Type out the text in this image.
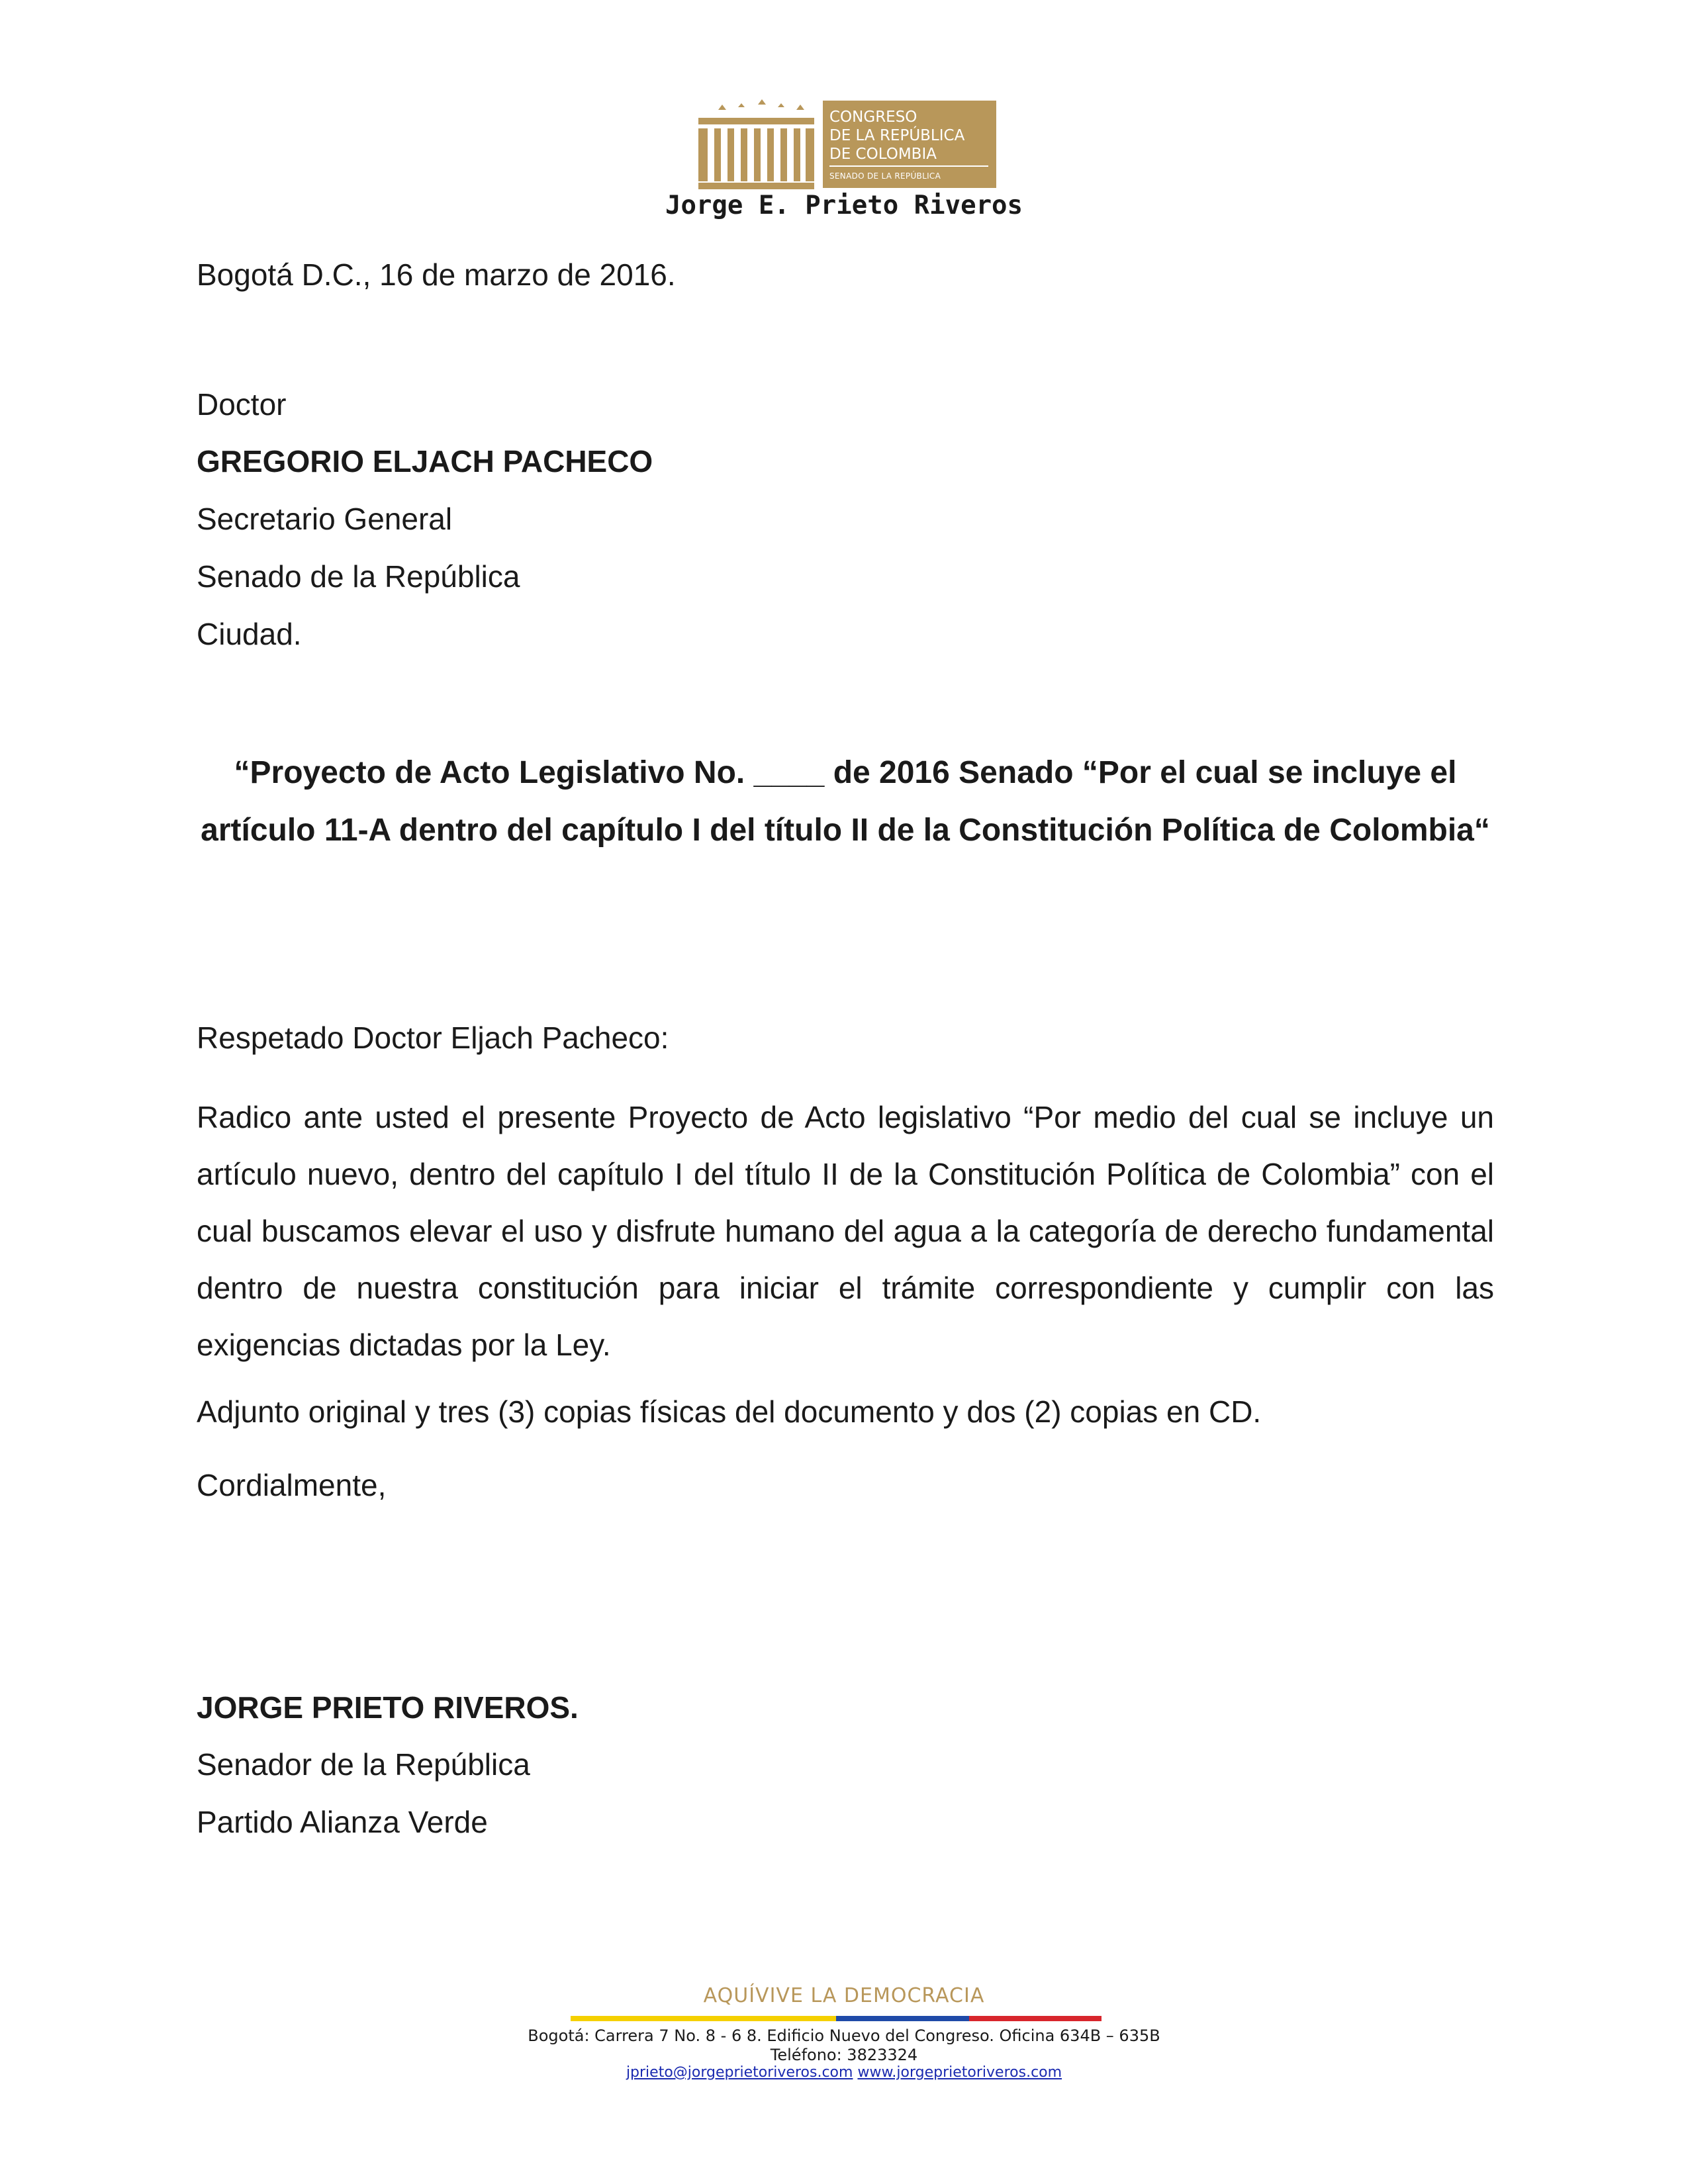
CONGRESO
DE LA REPÚBLICA
DE COLOMBIA
SENADO DE LA REPÚBLICA
Jorge E. Prieto Riveros
Bogotá D.C., 16 de marzo de 2016.
Doctor
GREGORIO ELJACH PACHECO
Secretario General
Senado de la República
Ciudad.
“Proyecto de Acto Legislativo No. ____ de 2016 Senado “Por el cual se incluye el artículo 11-A dentro del capítulo I del título II de la Constitución Política de Colombia“
Respetado Doctor Eljach Pacheco:
Radico ante usted el presente Proyecto de Acto legislativo “Por medio del cual se incluye un artículo nuevo, dentro del capítulo I del título II de la Constitución Política de Colombia” con el cual buscamos elevar el uso y disfrute humano del agua a la categoría de derecho fundamental dentro de nuestra constitución para iniciar el trámite correspondiente y cumplir con las exigencias dictadas por la Ley.
Adjunto original y tres (3) copias físicas del documento y dos (2) copias en CD.
Cordialmente,
JORGE PRIETO RIVEROS.
Senador de la República
Partido Alianza Verde
AQUÍVIVE LA DEMOCRACIA
Bogotá: Carrera 7 No. 8 - 6 8. Edificio Nuevo del Congreso. Oficina 634B – 635B
Teléfono: 3823324
jprieto@jorgeprietoriveros.com www.jorgeprietoriveros.com
